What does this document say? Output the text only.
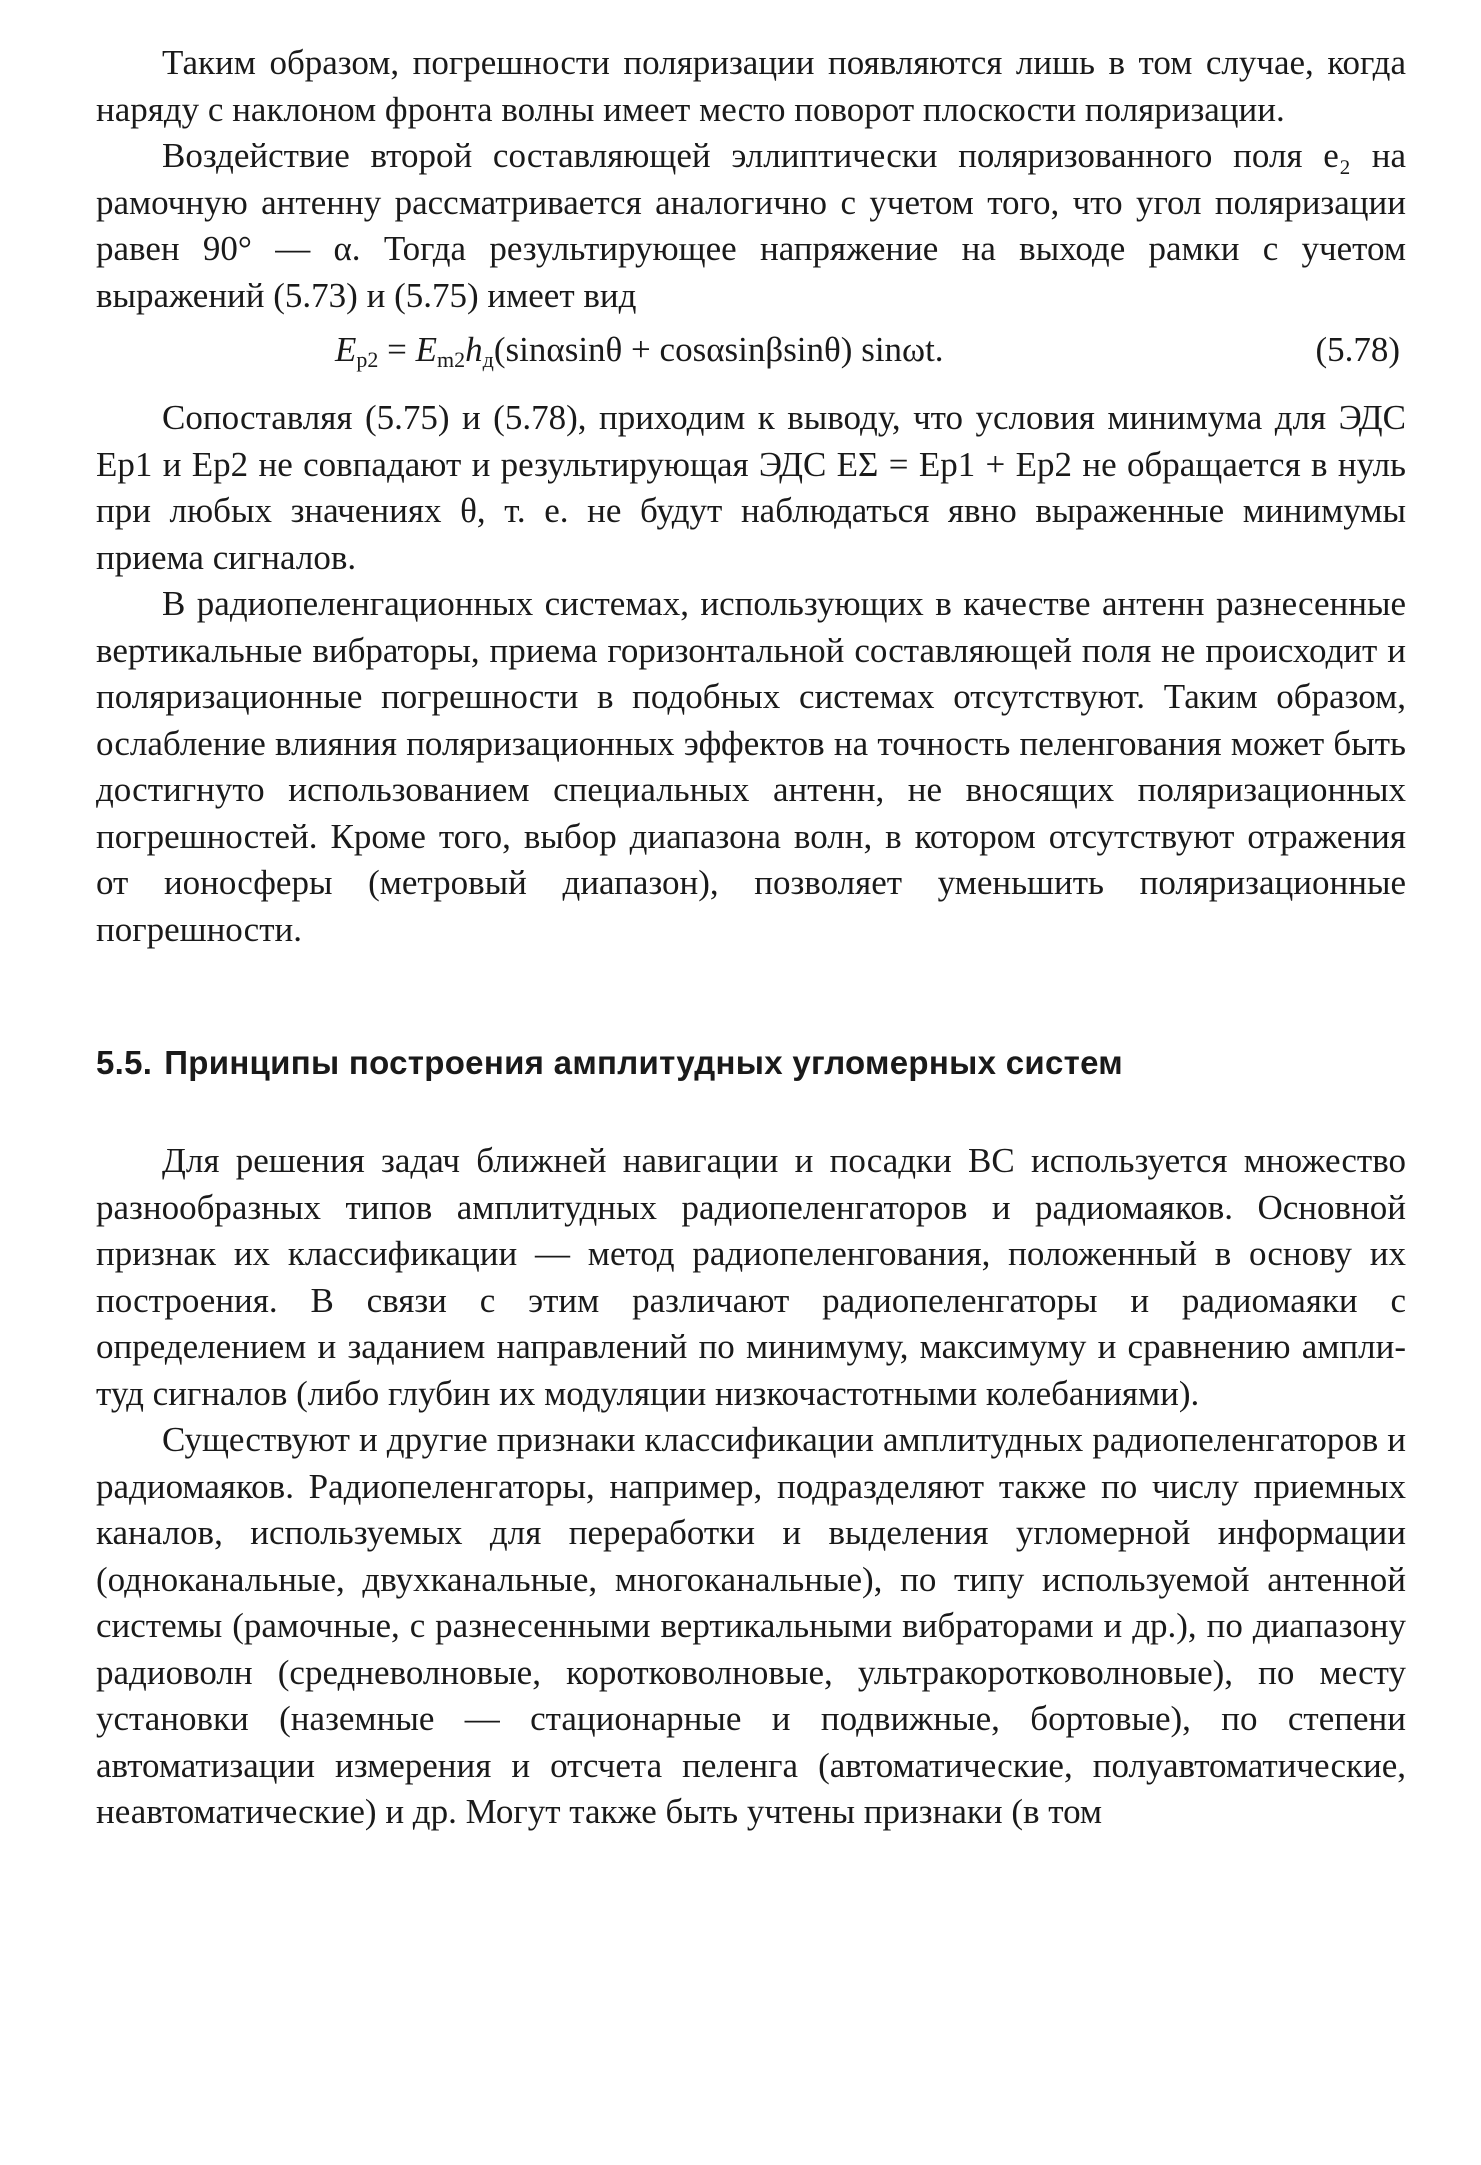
Таким образом, погрешности поляризации появляются лишь в том случае, когда наряду с наклоном фронта волны имеет место поворот плоскости поляризации.

Воздействие второй составляющей эллиптически поляризованного поля e₂ на рамочную антенну рассматривается аналогично с учетом того, что угол поляризации равен 90° — α. Тогда результирующее напряжение на выходе рамки с учетом выражений (5.73) и (5.75) имеет вид

$E_{p2} = E_{m2}h_д(\sin\alpha\sin\theta + \cos\alpha\sin\beta\sin\theta)$ sinωt.	(5.78)

Сопоставляя (5.75) и (5.78), приходим к выводу, что условия минимума для ЭДС Eр1 и Eр2 не совпадают и результирующая ЭДС EΣ = Eр1 + Eр2 не обращается в нуль при любых значениях θ, т. е. не будут наблюдаться явно выраженные минимумы приема сигналов.

В радиопеленгационных системах, использующих в качестве антенн разнесенные вертикальные вибраторы, приема горизонтальной составляющей поля не происходит и поляризационные погрешности в подобных системах отсутствуют. Таким образом, ослабление влияния поляризационных эффектов на точность пеленгования может быть достигнуто использованием специальных антенн, не вносящих поляризационных погрешностей. Кроме того, выбор диапазона волн, в котором отсутствуют отражения от ионосферы (метровый диапазон), позволяет уменьшить поляризационные погрешности.

5.5. Принципы построения амплитудных угломерных систем

Для решения задач ближней навигации и посадки ВС используется множество разнообразных типов амплитудных радиопеленгаторов и радиомаяков. Основной признак их классификации — метод радиопеленгования, положенный в основу их построения. В связи с этим различают радиопеленгаторы и радиомаяки с определением и заданием направлений по минимуму, максимуму и сравнению амплитуд сигналов (либо глубин их модуляции низкочастотными колебаниями).

Существуют и другие признаки классификации амплитудных радиопеленгаторов и радиомаяков. Радиопеленгаторы, например, подразделяют также по числу приемных каналов, используемых для переработки и выделения угломерной информации (одноканальные, двухканальные, многоканальные), по типу используемой антенной системы (рамочные, с разнесенными вертикальными вибраторами и др.), по диапазону радиоволн (средневолновые, коротковолновые, ультракоротковолновые), по месту установки (наземные — стационарные и подвижные, бортовые), по степени автоматизации измерения и отсчета пеленга (автоматические, полуавтоматические, неавтоматические) и др. Могут также быть учтены признаки (в том
